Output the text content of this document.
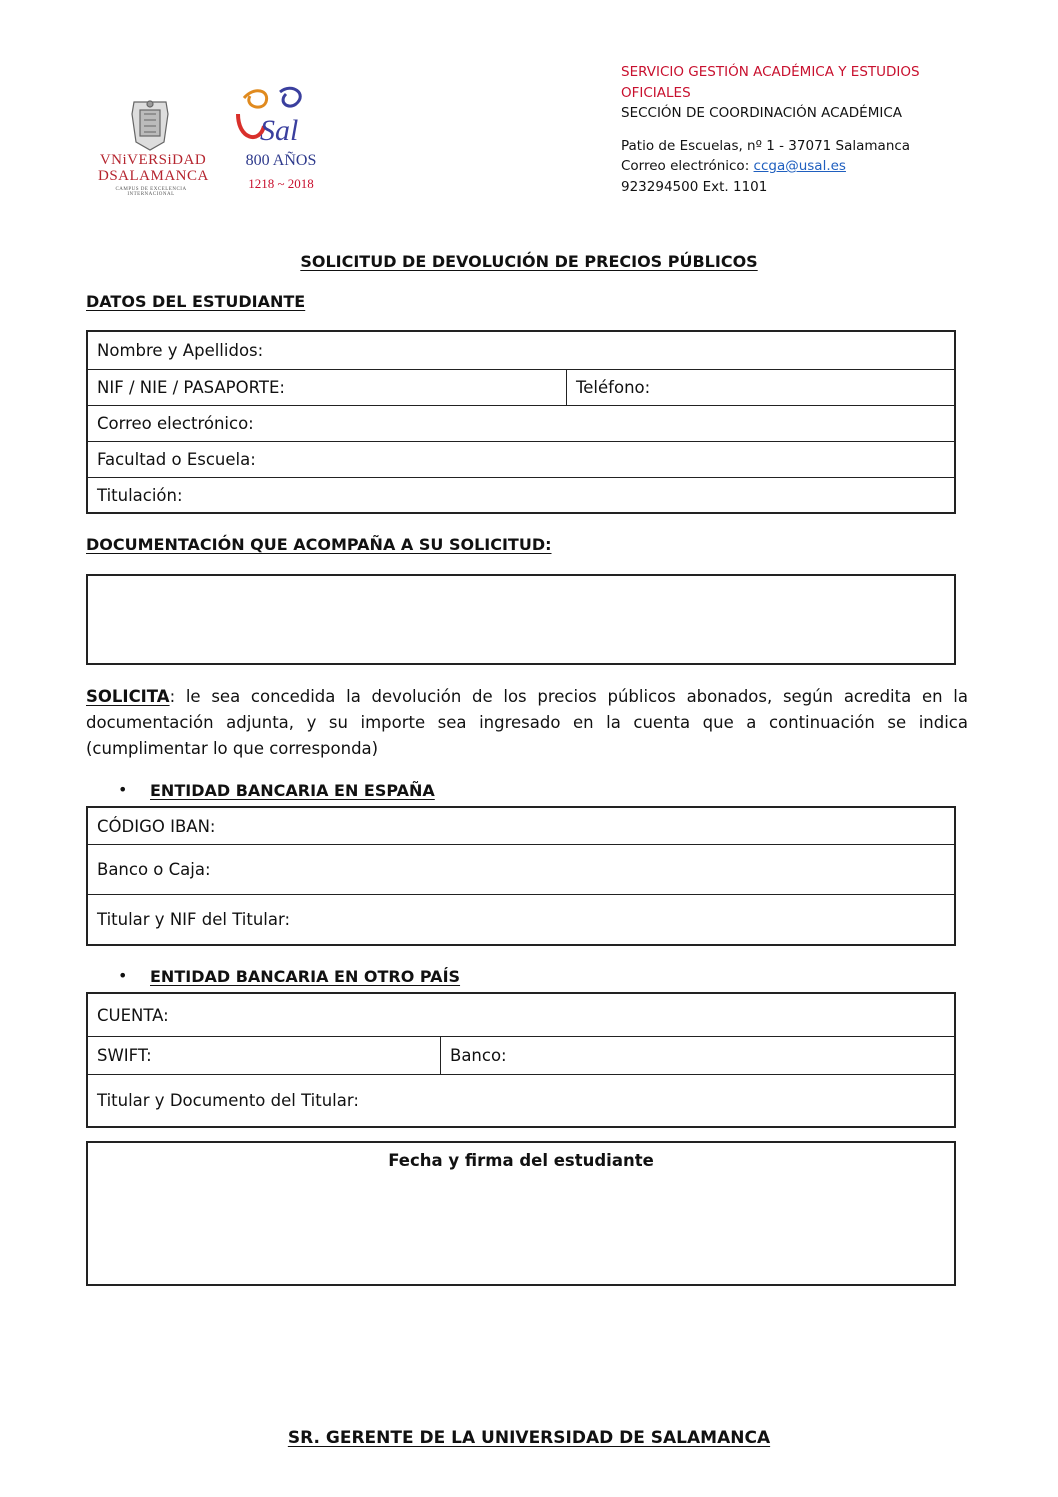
VNiVERSiDAD
DSALAMANCA
CAMPUS DE EXCELENCIA INTERNACIONAL
Sal
800 AÑOS
1218 ~ 2018
SERVICIO GESTIÓN ACADÉMICA Y ESTUDIOS
OFICIALES
SECCIÓN DE COORDINACIÓN ACADÉMICA
Patio de Escuelas, nº 1 - 37071 Salamanca
Correo electrónico: ccga@usal.es
923294500 Ext. 1101
SOLICITUD DE DEVOLUCIÓN DE PRECIOS PÚBLICOS
DATOS DEL ESTUDIANTE
Nombre y Apellidos:
NIF / NIE / PASAPORTE:	Teléfono:
Correo electrónico:
Facultad o Escuela:
Titulación:
DOCUMENTACIÓN QUE ACOMPAÑA A SU SOLICITUD:
SOLICITA: le sea concedida la devolución de los precios públicos abonados, según acredita en la documentación adjunta, y su importe sea ingresado en la cuenta que a continuación se indica (cumplimentar lo que corresponda)
• ENTIDAD BANCARIA EN ESPAÑA
CÓDIGO IBAN:
Banco o Caja:
Titular y NIF del Titular:
• ENTIDAD BANCARIA EN OTRO PAÍS
CUENTA:
SWIFT:	Banco:
Titular y Documento del Titular:
Fecha y firma del estudiante
SR. GERENTE DE LA UNIVERSIDAD DE SALAMANCA
